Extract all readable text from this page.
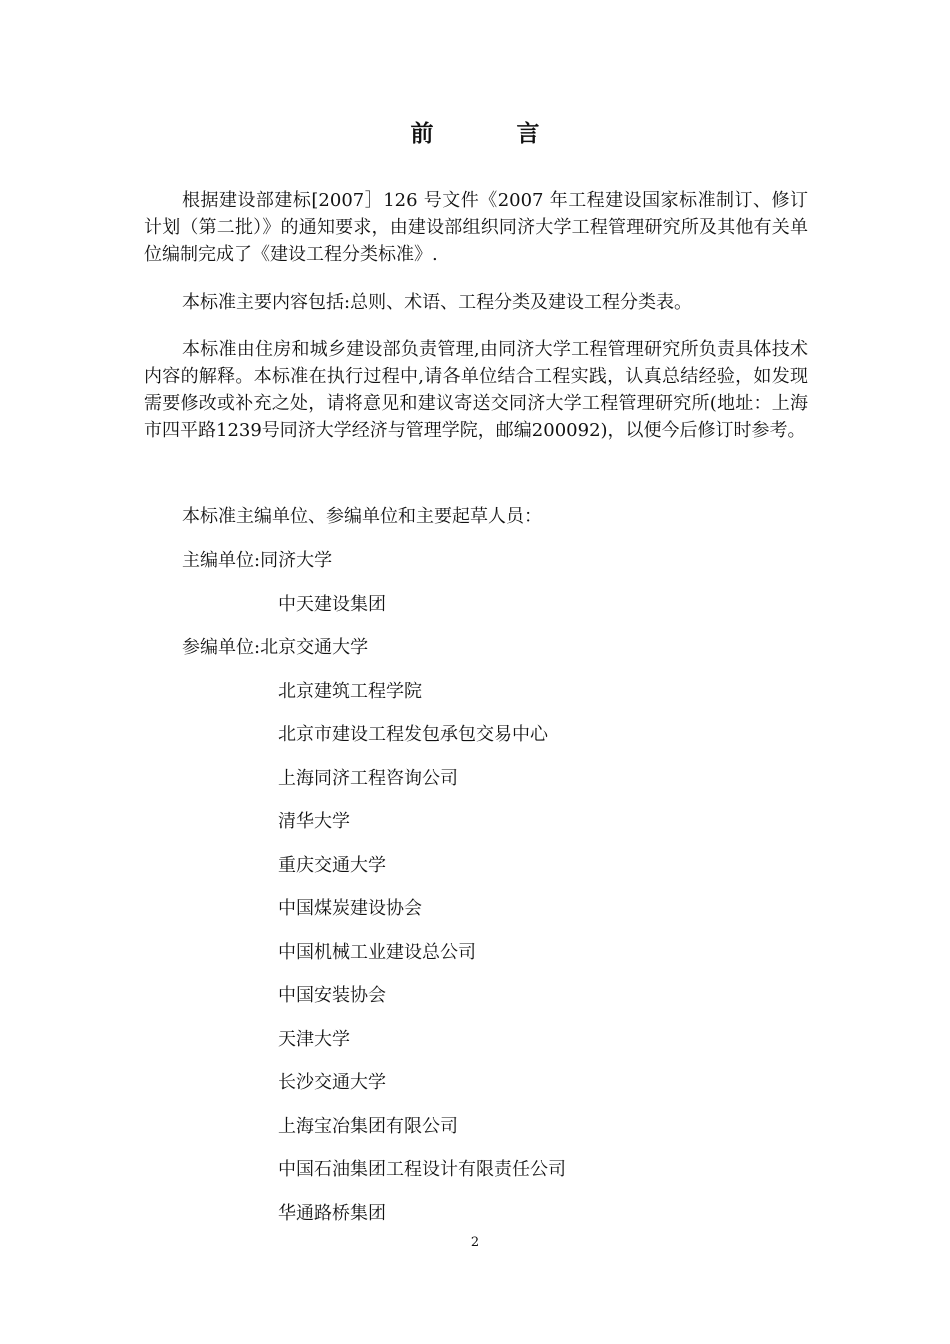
前　言

根据建设部建标[2007］126 号文件《2007 年工程建设国家标准制订、修订计划（第二批）》的通知要求，由建设部组织同济大学工程管理研究所及其他有关单位编制完成了《建设工程分类标准》.

本标准主要内容包括:总则、术语、工程分类及建设工程分类表。

本标准由住房和城乡建设部负责管理,由同济大学工程管理研究所负责具体技术内容的解释。本标准在执行过程中,请各单位结合工程实践，认真总结经验，如发现需要修改或补充之处，请将意见和建议寄送交同济大学工程管理研究所(地址：上海市四平路1239号同济大学经济与管理学院，邮编200092)，以便今后修订时参考。

本标准主编单位、参编单位和主要起草人员：

主编单位:同济大学
中天建设集团
参编单位:北京交通大学
北京建筑工程学院
北京市建设工程发包承包交易中心
上海同济工程咨询公司
清华大学
重庆交通大学
中国煤炭建设协会
中国机械工业建设总公司
中国安装协会
天津大学
长沙交通大学
上海宝冶集团有限公司
中国石油集团工程设计有限责任公司
华通路桥集团
2
